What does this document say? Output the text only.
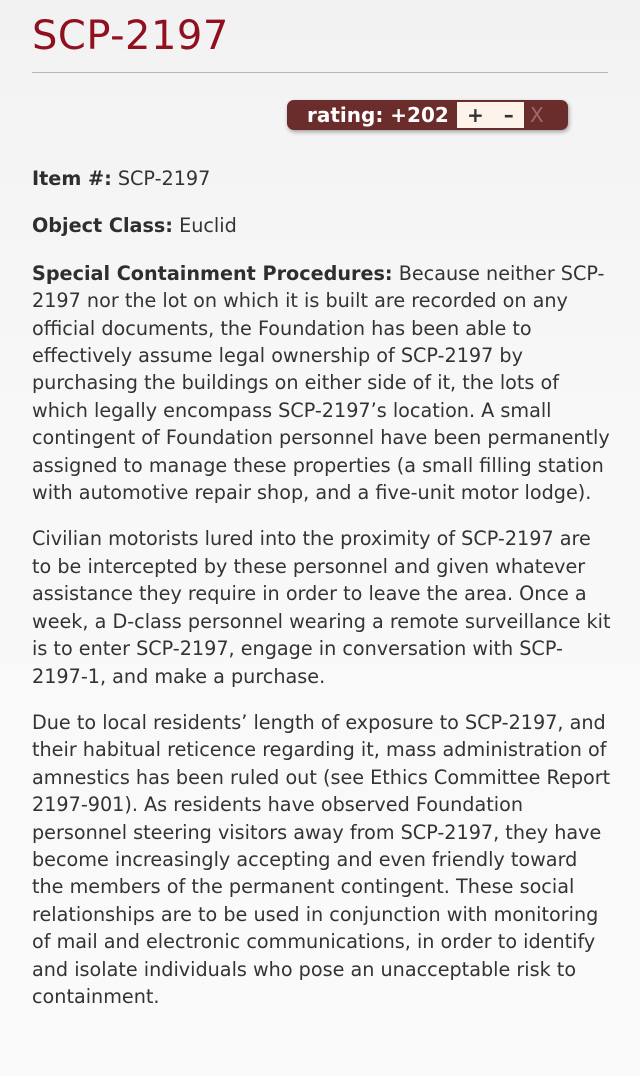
SCP-2197
rating: +202 + – X

Item #: SCP-2197

Object Class: Euclid

Special Containment Procedures: Because neither SCP-2197 nor the lot on which it is built are recorded on any official documents, the Foundation has been able to effectively assume legal ownership of SCP-2197 by purchasing the buildings on either side of it, the lots of which legally encompass SCP-2197’s location. A small contingent of Foundation personnel have been permanently assigned to manage these properties (a small filling station with automotive repair shop, and a five-unit motor lodge).

Civilian motorists lured into the proximity of SCP-2197 are to be intercepted by these personnel and given whatever assistance they require in order to leave the area. Once a week, a D-class personnel wearing a remote surveillance kit is to enter SCP-2197, engage in conversation with SCP-2197-1, and make a purchase.

Due to local residents’ length of exposure to SCP-2197, and their habitual reticence regarding it, mass administration of amnestics has been ruled out (see Ethics Committee Report 2197-901). As residents have observed Foundation personnel steering visitors away from SCP-2197, they have become increasingly accepting and even friendly toward the members of the permanent contingent. These social relationships are to be used in conjunction with monitoring of mail and electronic communications, in order to identify and isolate individuals who pose an unacceptable risk to containment.
